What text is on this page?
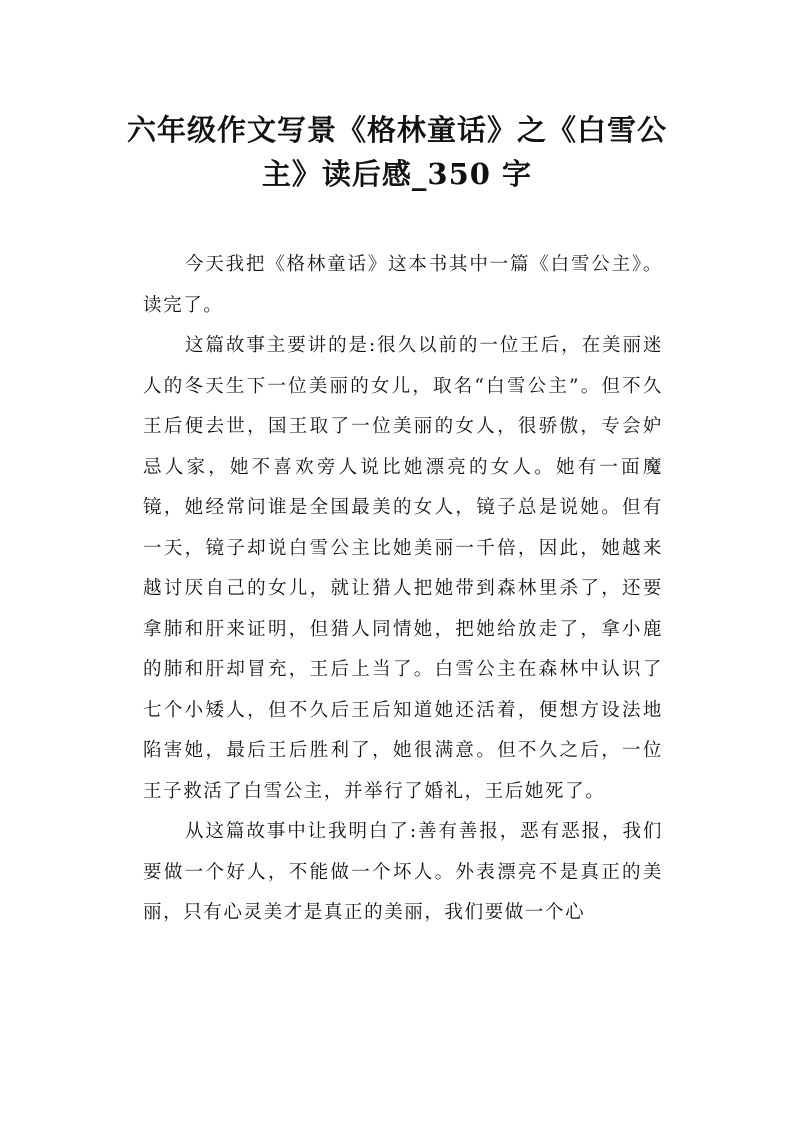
六年级作文写景《格林童话》之《白雪公
主》读后感_350 字

今天我把《格林童话》这本书其中一篇《白雪公主》。读完了。

这篇故事主要讲的是:很久以前的一位王后，在美丽迷人的冬天生下一位美丽的女儿，取名“白雪公主”。但不久王后便去世，国王取了一位美丽的女人，很骄傲，专会妒忌人家，她不喜欢旁人说比她漂亮的女人。她有一面魔镜，她经常问谁是全国最美的女人，镜子总是说她。但有一天，镜子却说白雪公主比她美丽一千倍，因此，她越来越讨厌自己的女儿，就让猎人把她带到森林里杀了，还要拿肺和肝来证明，但猎人同情她，把她给放走了，拿小鹿的肺和肝却冒充，王后上当了。白雪公主在森林中认识了七个小矮人，但不久后王后知道她还活着，便想方设法地陷害她，最后王后胜利了，她很满意。但不久之后，一位王子救活了白雪公主，并举行了婚礼，王后她死了。

从这篇故事中让我明白了:善有善报，恶有恶报，我们要做一个好人，不能做一个坏人。外表漂亮不是真正的美丽，只有心灵美才是真正的美丽，我们要做一个心
